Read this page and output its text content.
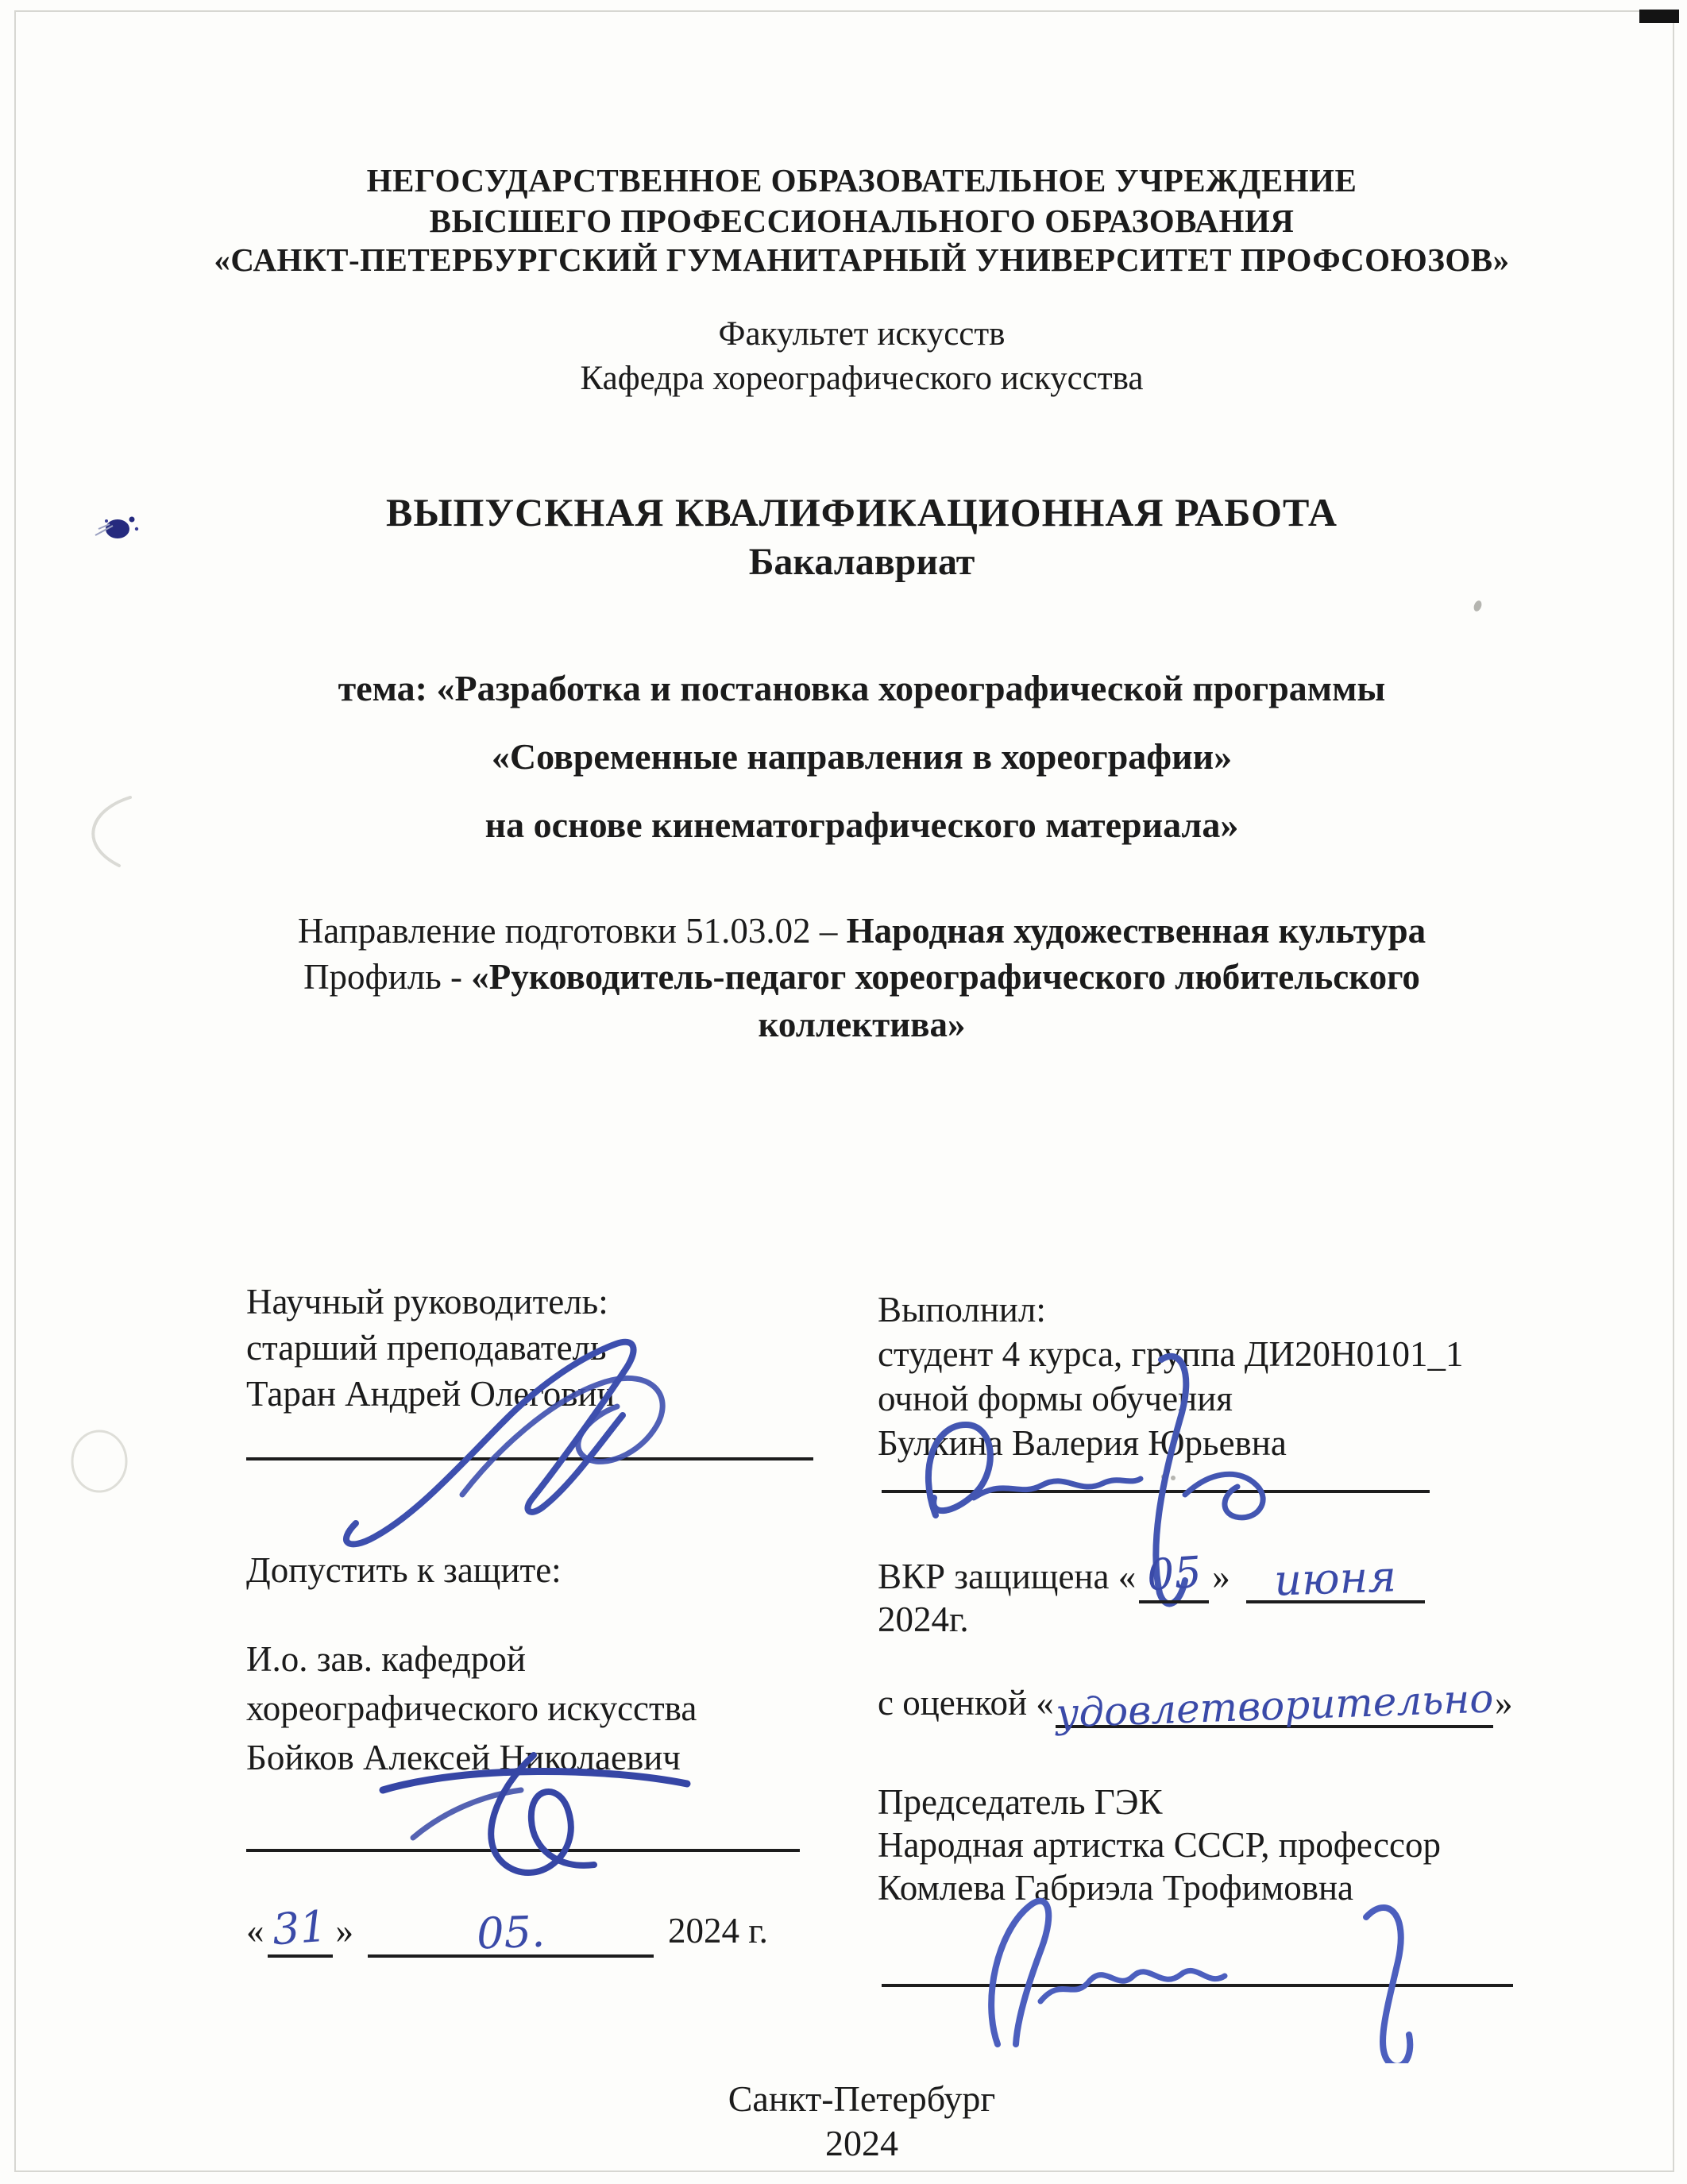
НЕГОСУДАРСТВЕННОЕ ОБРАЗОВАТЕЛЬНОЕ УЧРЕЖДЕНИЕ
ВЫСШЕГО ПРОФЕССИОНАЛЬНОГО ОБРАЗОВАНИЯ
«САНКТ-ПЕТЕРБУРГСКИЙ ГУМАНИТАРНЫЙ УНИВЕРСИТЕТ ПРОФСОЮЗОВ»
Факультет искусств
Кафедра хореографического искусства
ВЫПУСКНАЯ КВАЛИФИКАЦИОННАЯ РАБОТА
Бакалавриат
тема: «Разработка и постановка хореографической программы
«Современные направления в хореографии»
на основе кинематографического материала»
Направление подготовки 51.03.02 – Народная художественная культура
Профиль - «Руководитель-педагог хореографического любительского
коллектива»
Научный руководитель:
старший преподаватель
Таран Андрей Олегович
Выполнил:
студент 4 курса, группа ДИ20Н0101_1
очной формы обучения
Булкина Валерия Юрьевна
Допустить к защите:	ВКР защищена « 05 » июня
2024г.
И.о. зав. кафедрой
хореографического искусства
Бойков Алексей Николаевич
с оценкой «удовлетворительно»
« 31 »	05.	2024 г.
Председатель ГЭК
Народная артистка СССР, профессор
Комлева Габриэла Трофимовна
Санкт-Петербург
2024
